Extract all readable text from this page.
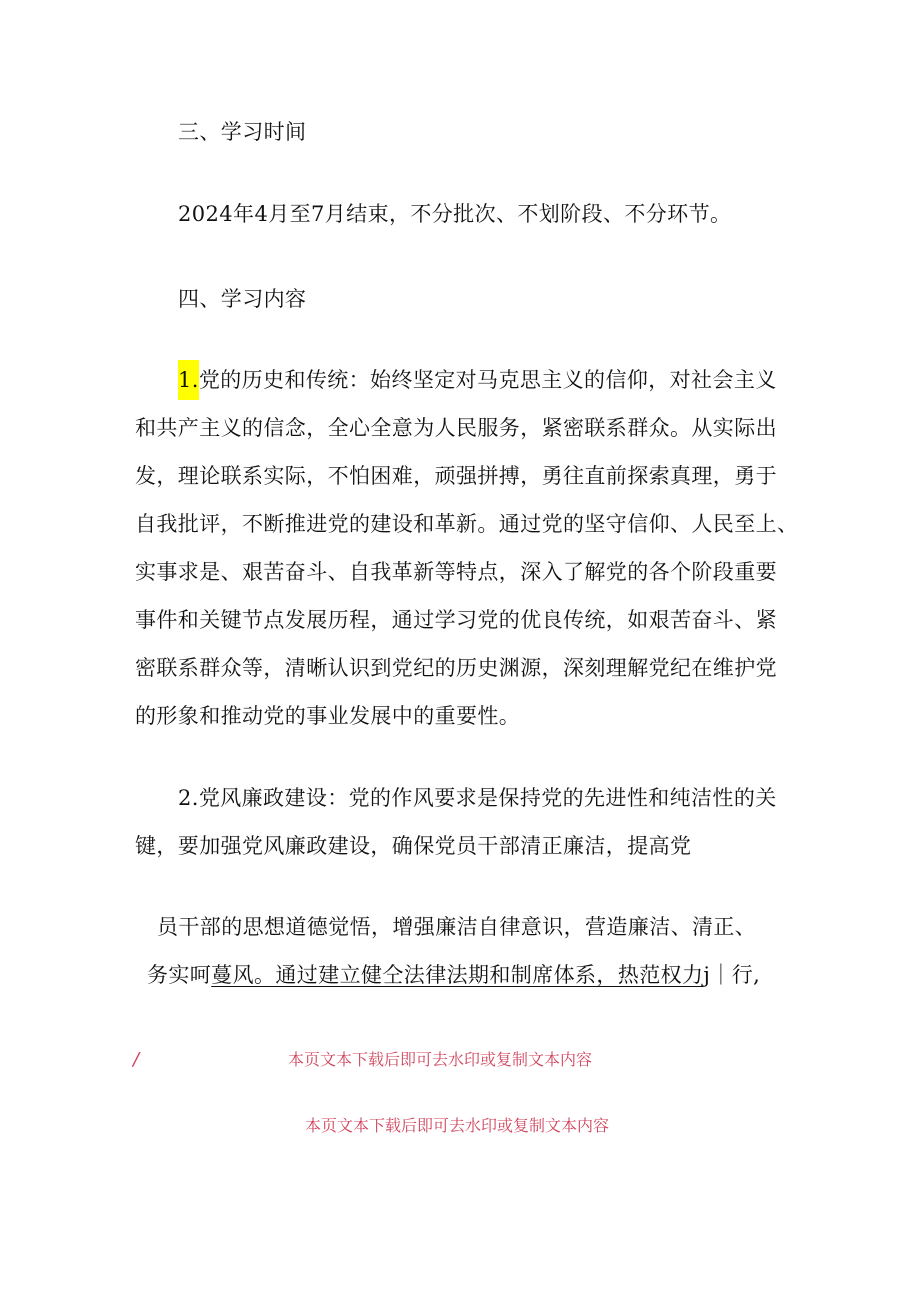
三、学习时间
2024年4月至7月结束，不分批次、不划阶段、不分环节。
四、学习内容
1.党的历史和传统：始终坚定对马克思主义的信仰，对社会主义
和共产主义的信念，全心全意为人民服务，紧密联系群众。从实际出
发，理论联系实际，不怕困难，顽强拼搏，勇往直前探索真理，勇于
自我批评，不断推进党的建设和革新。通过党的坚守信仰、人民至上、
实事求是、艰苦奋斗、自我革新等特点，深入了解党的各个阶段重要
事件和关键节点发展历程，通过学习党的优良传统，如艰苦奋斗、紧
密联系群众等，清晰认识到党纪的历史渊源，深刻理解党纪在维护党
的形象和推动党的事业发展中的重要性。
2.党风廉政建设：党的作风要求是保持党的先进性和纯洁性的关
键，要加强党风廉政建设，确保党员干部清正廉洁，提高党
员干部的思想道德觉悟，增强廉洁自律意识，营造廉洁、清正、
务实呵蔓风。通过建立健仝法律法期和制席体系，热范权力j｜行,
/	本页文本下载后即可去水印或复制文本内容
本页文本下载后即可去水印或复制文本内容
